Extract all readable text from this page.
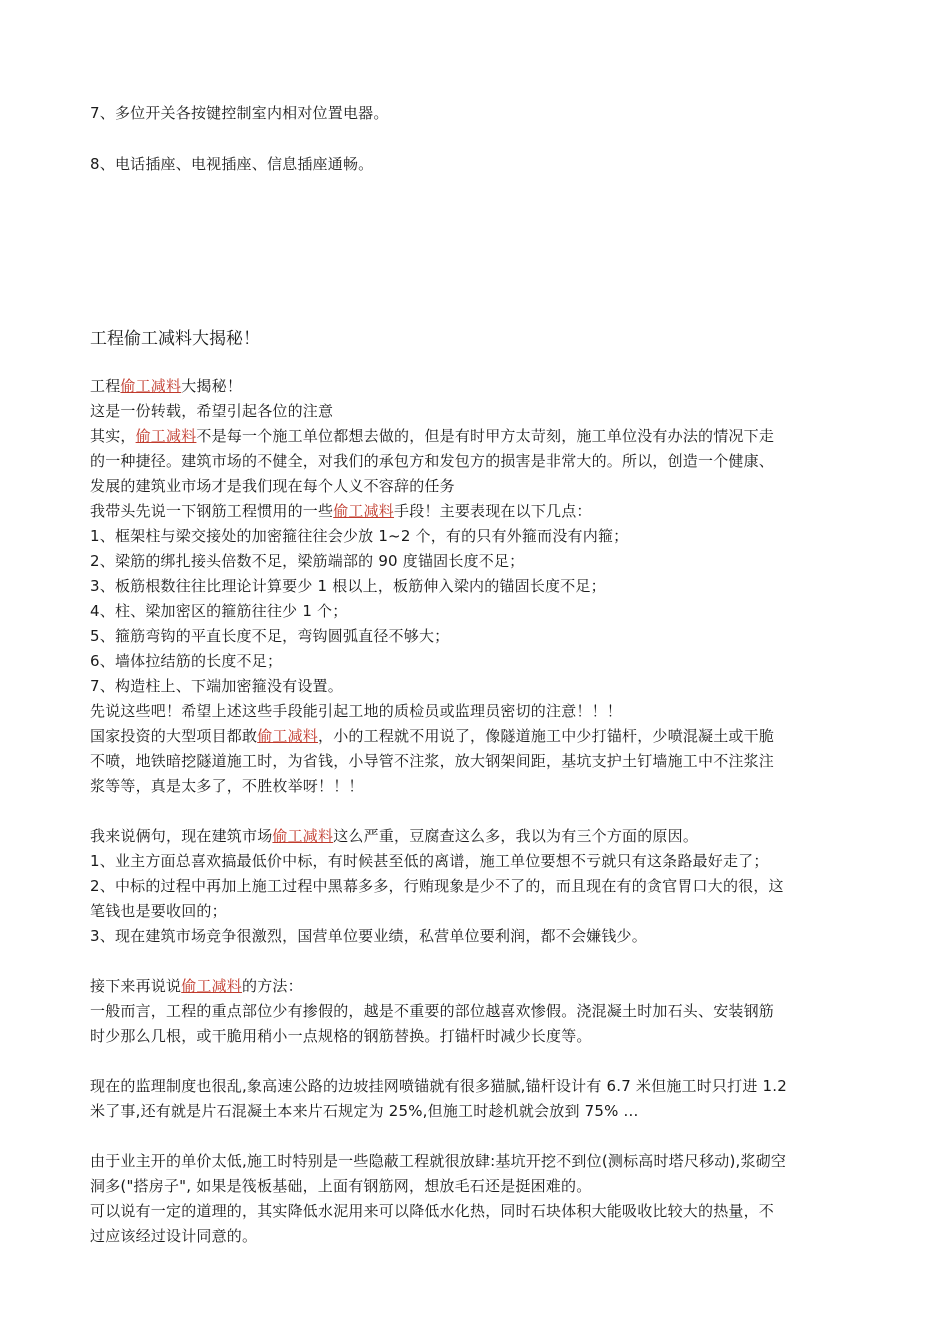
7、多位开关各按键控制室内相对位置电器。
8、电话插座、电视插座、信息插座通畅。
工程偷工减料大揭秘！
工程偷工减料大揭秘！
这是一份转载，希望引起各位的注意
其实，偷工减料不是每一个施工单位都想去做的，但是有时甲方太苛刻，施工单位没有办法的情况下走
的一种捷径。建筑市场的不健全，对我们的承包方和发包方的损害是非常大的。所以，创造一个健康、
发展的建筑业市场才是我们现在每个人义不容辞的任务
我带头先说一下钢筋工程惯用的一些偷工减料手段！主要表现在以下几点：
1、框架柱与梁交接处的加密箍往往会少放 1~2 个，有的只有外箍而没有内箍；
2、梁筋的绑扎接头倍数不足，梁筋端部的 90 度锚固长度不足；
3、板筋根数往往比理论计算要少 1 根以上，板筋伸入梁内的锚固长度不足；
4、柱、梁加密区的箍筋往往少 1 个；
5、箍筋弯钩的平直长度不足，弯钩圆弧直径不够大；
6、墙体拉结筋的长度不足；
7、构造柱上、下端加密箍没有设置。
先说这些吧！希望上述这些手段能引起工地的质检员或监理员密切的注意！！！
国家投资的大型项目都敢偷工减料，小的工程就不用说了，像隧道施工中少打锚杆，少喷混凝土或干脆
不喷，地铁暗挖隧道施工时，为省钱，小导管不注浆，放大钢架间距，基坑支护土钉墙施工中不注浆注
浆等等，真是太多了，不胜枚举呀！！！
我来说俩句，现在建筑市场偷工减料这么严重，豆腐查这么多，我以为有三个方面的原因。
1、业主方面总喜欢搞最低价中标，有时候甚至低的离谱，施工单位要想不亏就只有这条路最好走了；
2、中标的过程中再加上施工过程中黑幕多多，行贿现象是少不了的，而且现在有的贪官胃口大的很，这
笔钱也是要收回的；
3、现在建筑市场竞争很激烈，国营单位要业绩，私营单位要利润，都不会嫌钱少。
接下来再说说偷工减料的方法：
一般而言，工程的重点部位少有掺假的，越是不重要的部位越喜欢惨假。浇混凝土时加石头、安装钢筋
时少那么几根，或干脆用稍小一点规格的钢筋替换。打锚杆时减少长度等。
现在的监理制度也很乱,象高速公路的边坡挂网喷锚就有很多猫腻,锚杆设计有 6.7 米但施工时只打进 1.2
米了事,还有就是片石混凝土本来片石规定为 25%,但施工时趁机就会放到 75% ...
由于业主开的单价太低,施工时特别是一些隐蔽工程就很放肆:基坑开挖不到位(测标高时塔尺移动),浆砌空
洞多("搭房子", 如果是筏板基础，上面有钢筋网，想放毛石还是挺困难的。
可以说有一定的道理的，其实降低水泥用来可以降低水化热，同时石块体积大能吸收比较大的热量，不
过应该经过设计同意的。
